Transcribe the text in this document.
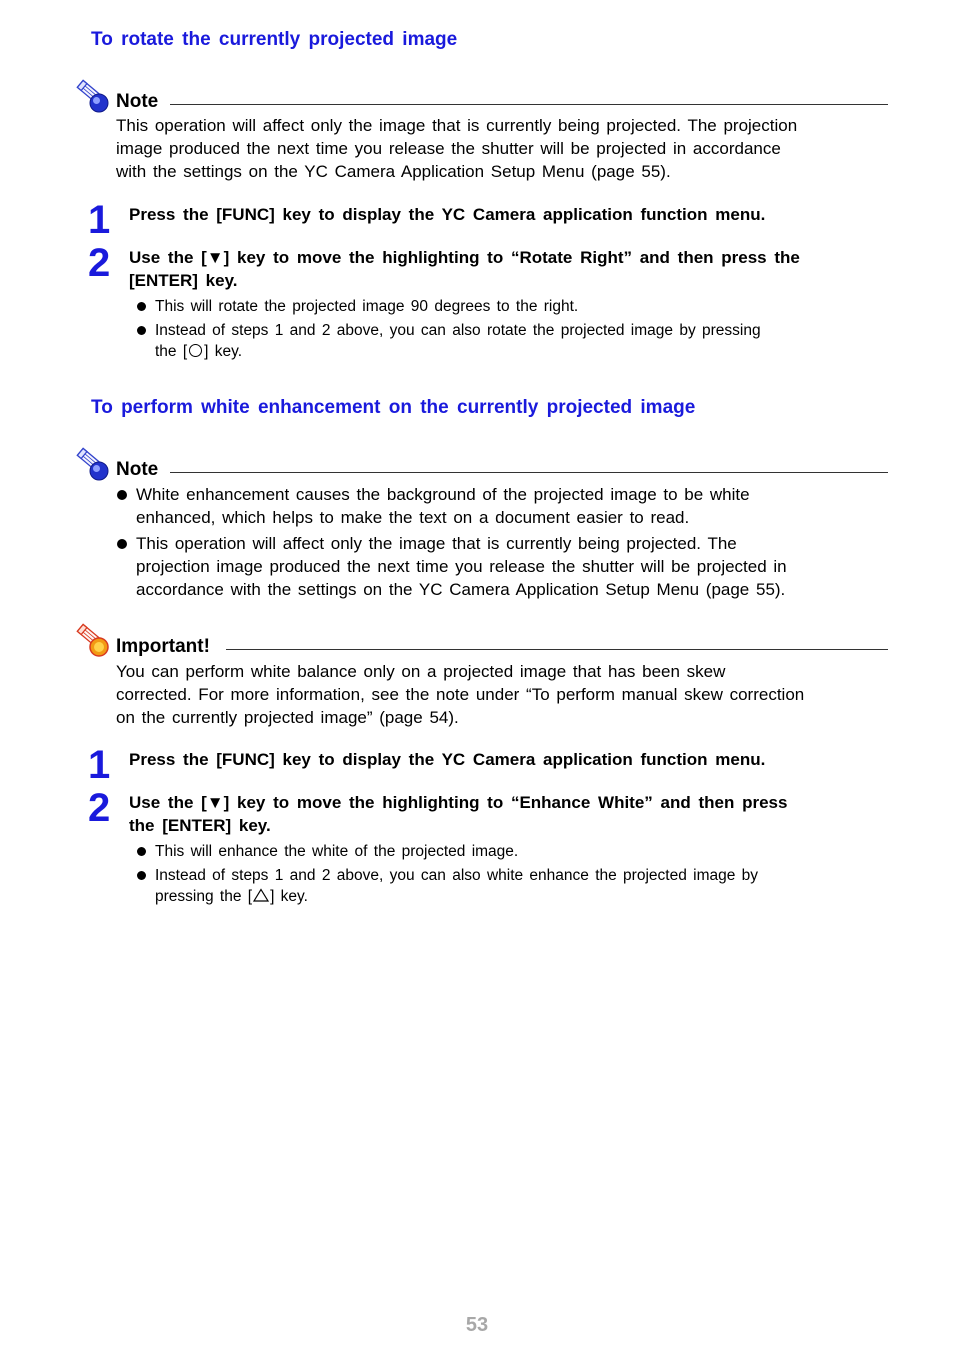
To rotate the currently projected image
Note
This operation will affect only the image that is currently being projected. The projection
image produced the next time you release the shutter will be projected in accordance
with the settings on the YC Camera Application Setup Menu (page 55).
1 Press the [FUNC] key to display the YC Camera application function menu.
2 Use the [▼] key to move the highlighting to “Rotate Right” and then press the
[ENTER] key.
This will rotate the projected image 90 degrees to the right.
Instead of steps 1 and 2 above, you can also rotate the projected image by pressing
the [ ] key.
To perform white enhancement on the currently projected image
Note
White enhancement causes the background of the projected image to be white
enhanced, which helps to make the text on a document easier to read.
This operation will affect only the image that is currently being projected. The
projection image produced the next time you release the shutter will be projected in
accordance with the settings on the YC Camera Application Setup Menu (page 55).
Important!
You can perform white balance only on a projected image that has been skew
corrected. For more information, see the note under “To perform manual skew correction
on the currently projected image” (page 54).
1 Press the [FUNC] key to display the YC Camera application function menu.
2 Use the [▼] key to move the highlighting to “Enhance White” and then press
the [ENTER] key.
This will enhance the white of the projected image.
Instead of steps 1 and 2 above, you can also white enhance the projected image by
pressing the [ ] key.
53
